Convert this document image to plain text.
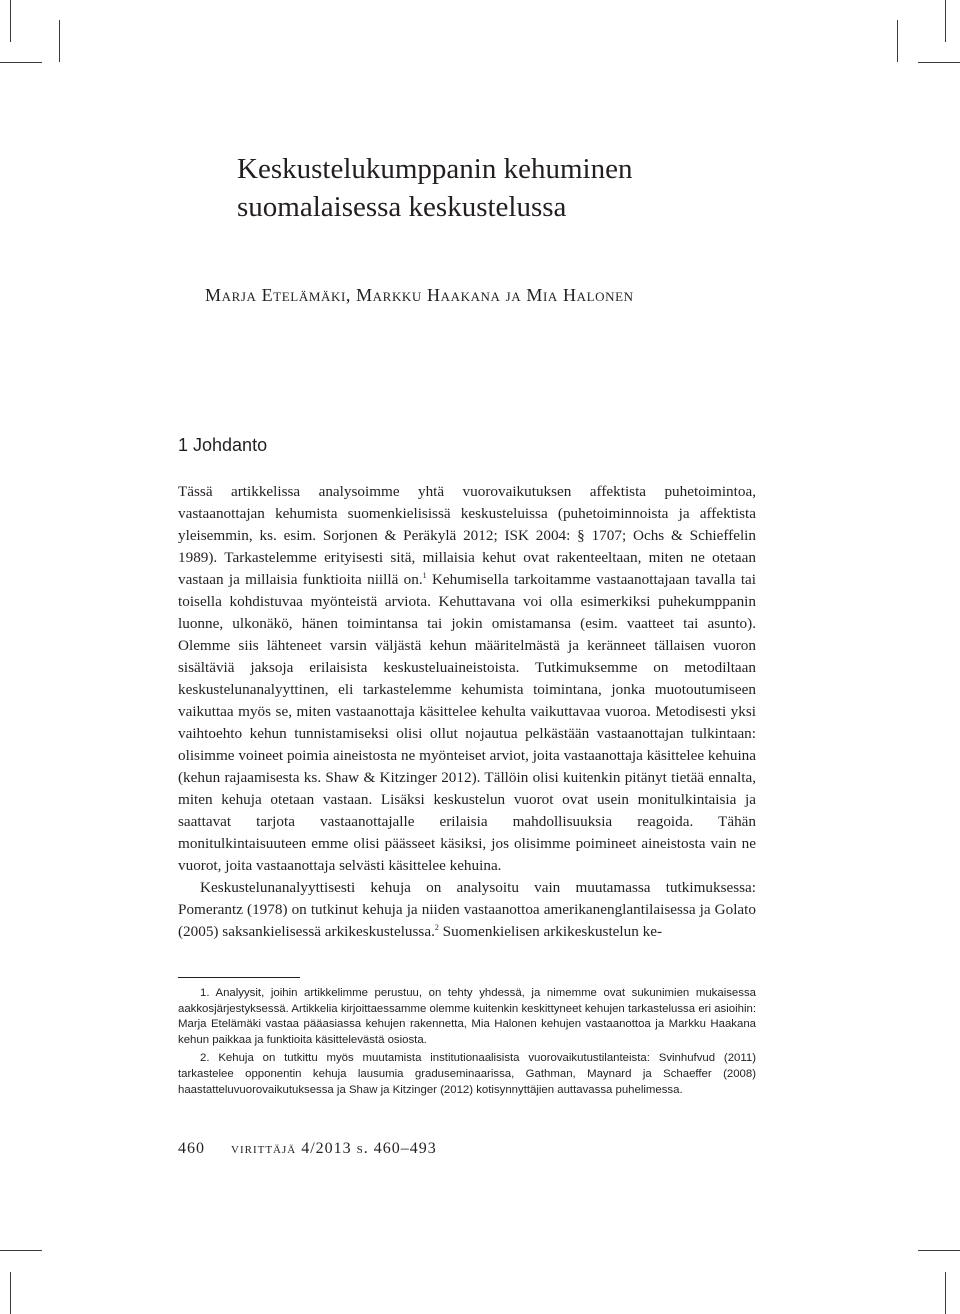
Keskustelukumppanin kehuminen
suomalaisessa keskustelussa
Marja Etelämäki, Markku Haakana ja Mia Halonen
1 Johdanto

Tässä artikkelissa analysoimme yhtä vuorovaikutuksen affektista puhetoimintoa, vastaanottajan kehumista suomenkielisissä keskusteluissa (puhetoiminnoista ja affektista yleisemmin, ks. esim. Sorjonen & Peräkylä 2012; ISK 2004: § 1707; Ochs & Schieffelin 1989). Tarkastelemme erityisesti sitä, millaisia kehut ovat rakenteeltaan, miten ne otetaan vastaan ja millaisia funktioita niillä on.$^1$ Kehumisella tarkoitamme vastaanottajaan tavalla tai toisella kohdistuvaa myönteistä arviota. Kehuttavana voi olla esimerkiksi puhekumppanin luonne, ulkonäkö, hänen toimintansa tai jokin omistamansa (esim. vaatteet tai asunto). Olemme siis lähteneet varsin väljästä kehun määritelmästä ja keränneet tällaisen vuoron sisältäviä jaksoja erilaisista keskusteluaineistoista. Tutkimuksemme on metodiltaan keskustelunanalyyttinen, eli tarkastelemme kehumista toimintana, jonka muotoutumiseen vaikuttaa myös se, miten vastaanottaja käsittelee kehulta vaikuttavaa vuoroa. Metodisesti yksi vaihtoehto kehun tunnistamiseksi olisi ollut nojautua pelkästään vastaanottajan tulkintaan: olisimme voineet poimia aineistosta ne myönteiset arviot, joita vastaanottaja käsittelee kehuina (kehun rajaamisesta ks. Shaw & Kitzinger 2012). Tällöin olisi kuitenkin pitänyt tietää ennalta, miten kehuja otetaan vastaan. Lisäksi keskustelun vuorot ovat usein monitulkintaisia ja saattavat tarjota vastaanottajalle erilaisia mahdollisuuksia reagoida. Tähän monitulkintaisuuteen emme olisi päässeet käsiksi, jos olisimme poimineet aineistosta vain ne vuorot, joita vastaanottaja selvästi käsittelee kehuina.

Keskustelunanalyyttisesti kehuja on analysoitu vain muutamassa tutkimuksessa: Pomerantz (1978) on tutkinut kehuja ja niiden vastaanottoa amerikanenglantilaisessa ja Golato (2005) saksankielisessä arkikeskustelussa.$^2$ Suomenkielisen arkikeskustelun ke-

1. Analyysit, joihin artikkelimme perustuu, on tehty yhdessä, ja nimemme ovat sukunimien mukaisessa aakkosjärjestyksessä. Artikkelia kirjoittaessamme olemme kuitenkin keskittyneet kehujen tarkastelussa eri asioihin: Marja Etelämäki vastaa pääasiassa kehujen rakennetta, Mia Halonen kehujen vastaanottoa ja Markku Haakana kehun paikkaa ja funktioita käsittelevästä osiosta.

2. Kehuja on tutkittu myös muutamista institutionaalisista vuorovaikutustilanteista: Svinhufvud (2011) tarkastelee opponentin kehuja lausumia graduseminaarissa, Gathman, Maynard ja Schaeffer (2008) haastatteluvuorovaikutuksessa ja Shaw ja Kitzinger (2012) kotisynnyttäjien auttavassa puhelimessa.

460 virittäjä 4/2013 s. 460–493
